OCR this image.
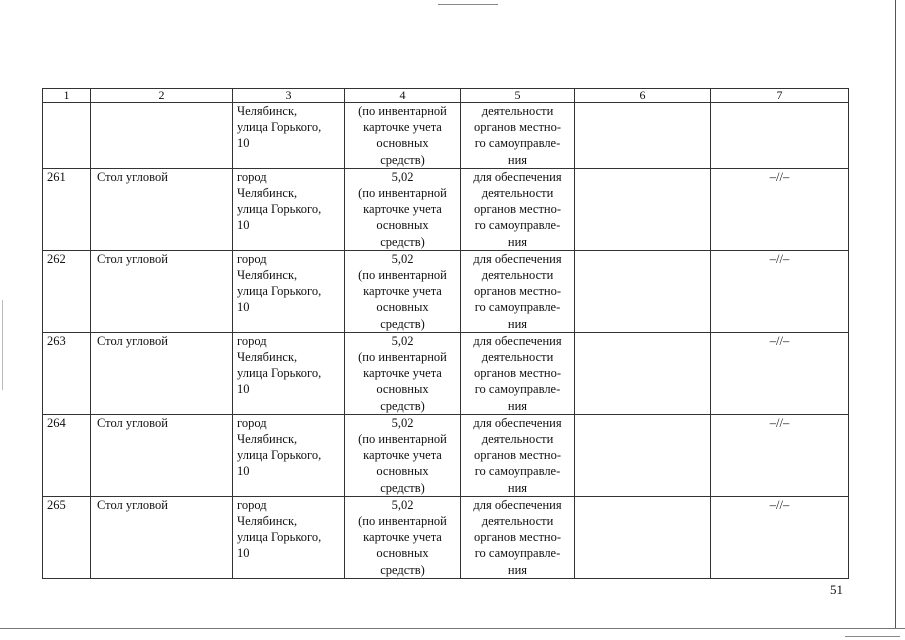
1	2	3	4	5	6	7

		Челябинск,
улица Горького,
10	(по инвентарной
карточке учета
основных
средств)	деятельности
органов местно-
го самоуправле-
ния		

261	Стол угловой	город
Челябинск,
улица Горького,
10	5,02
(по инвентарной
карточке учета
основных
средств)	для обеспечения
деятельности
органов местно-
го самоуправле-
ния		–//–
262	Стол угловой	город
Челябинск,
улица Горького,
10	5,02
(по инвентарной
карточке учета
основных
средств)	для обеспечения
деятельности
органов местно-
го самоуправле-
ния		–//–
263	Стол угловой	город
Челябинск,
улица Горького,
10	5,02
(по инвентарной
карточке учета
основных
средств)	для обеспечения
деятельности
органов местно-
го самоуправле-
ния		–//–
264	Стол угловой	город
Челябинск,
улица Горького,
10	5,02
(по инвентарной
карточке учета
основных
средств)	для обеспечения
деятельности
органов местно-
го самоуправле-
ния		–//–
265	Стол угловой	город
Челябинск,
улица Горького,
10	5,02
(по инвентарной
карточке учета
основных
средств)	для обеспечения
деятельности
органов местно-
го самоуправле-
ния		–//–
51
